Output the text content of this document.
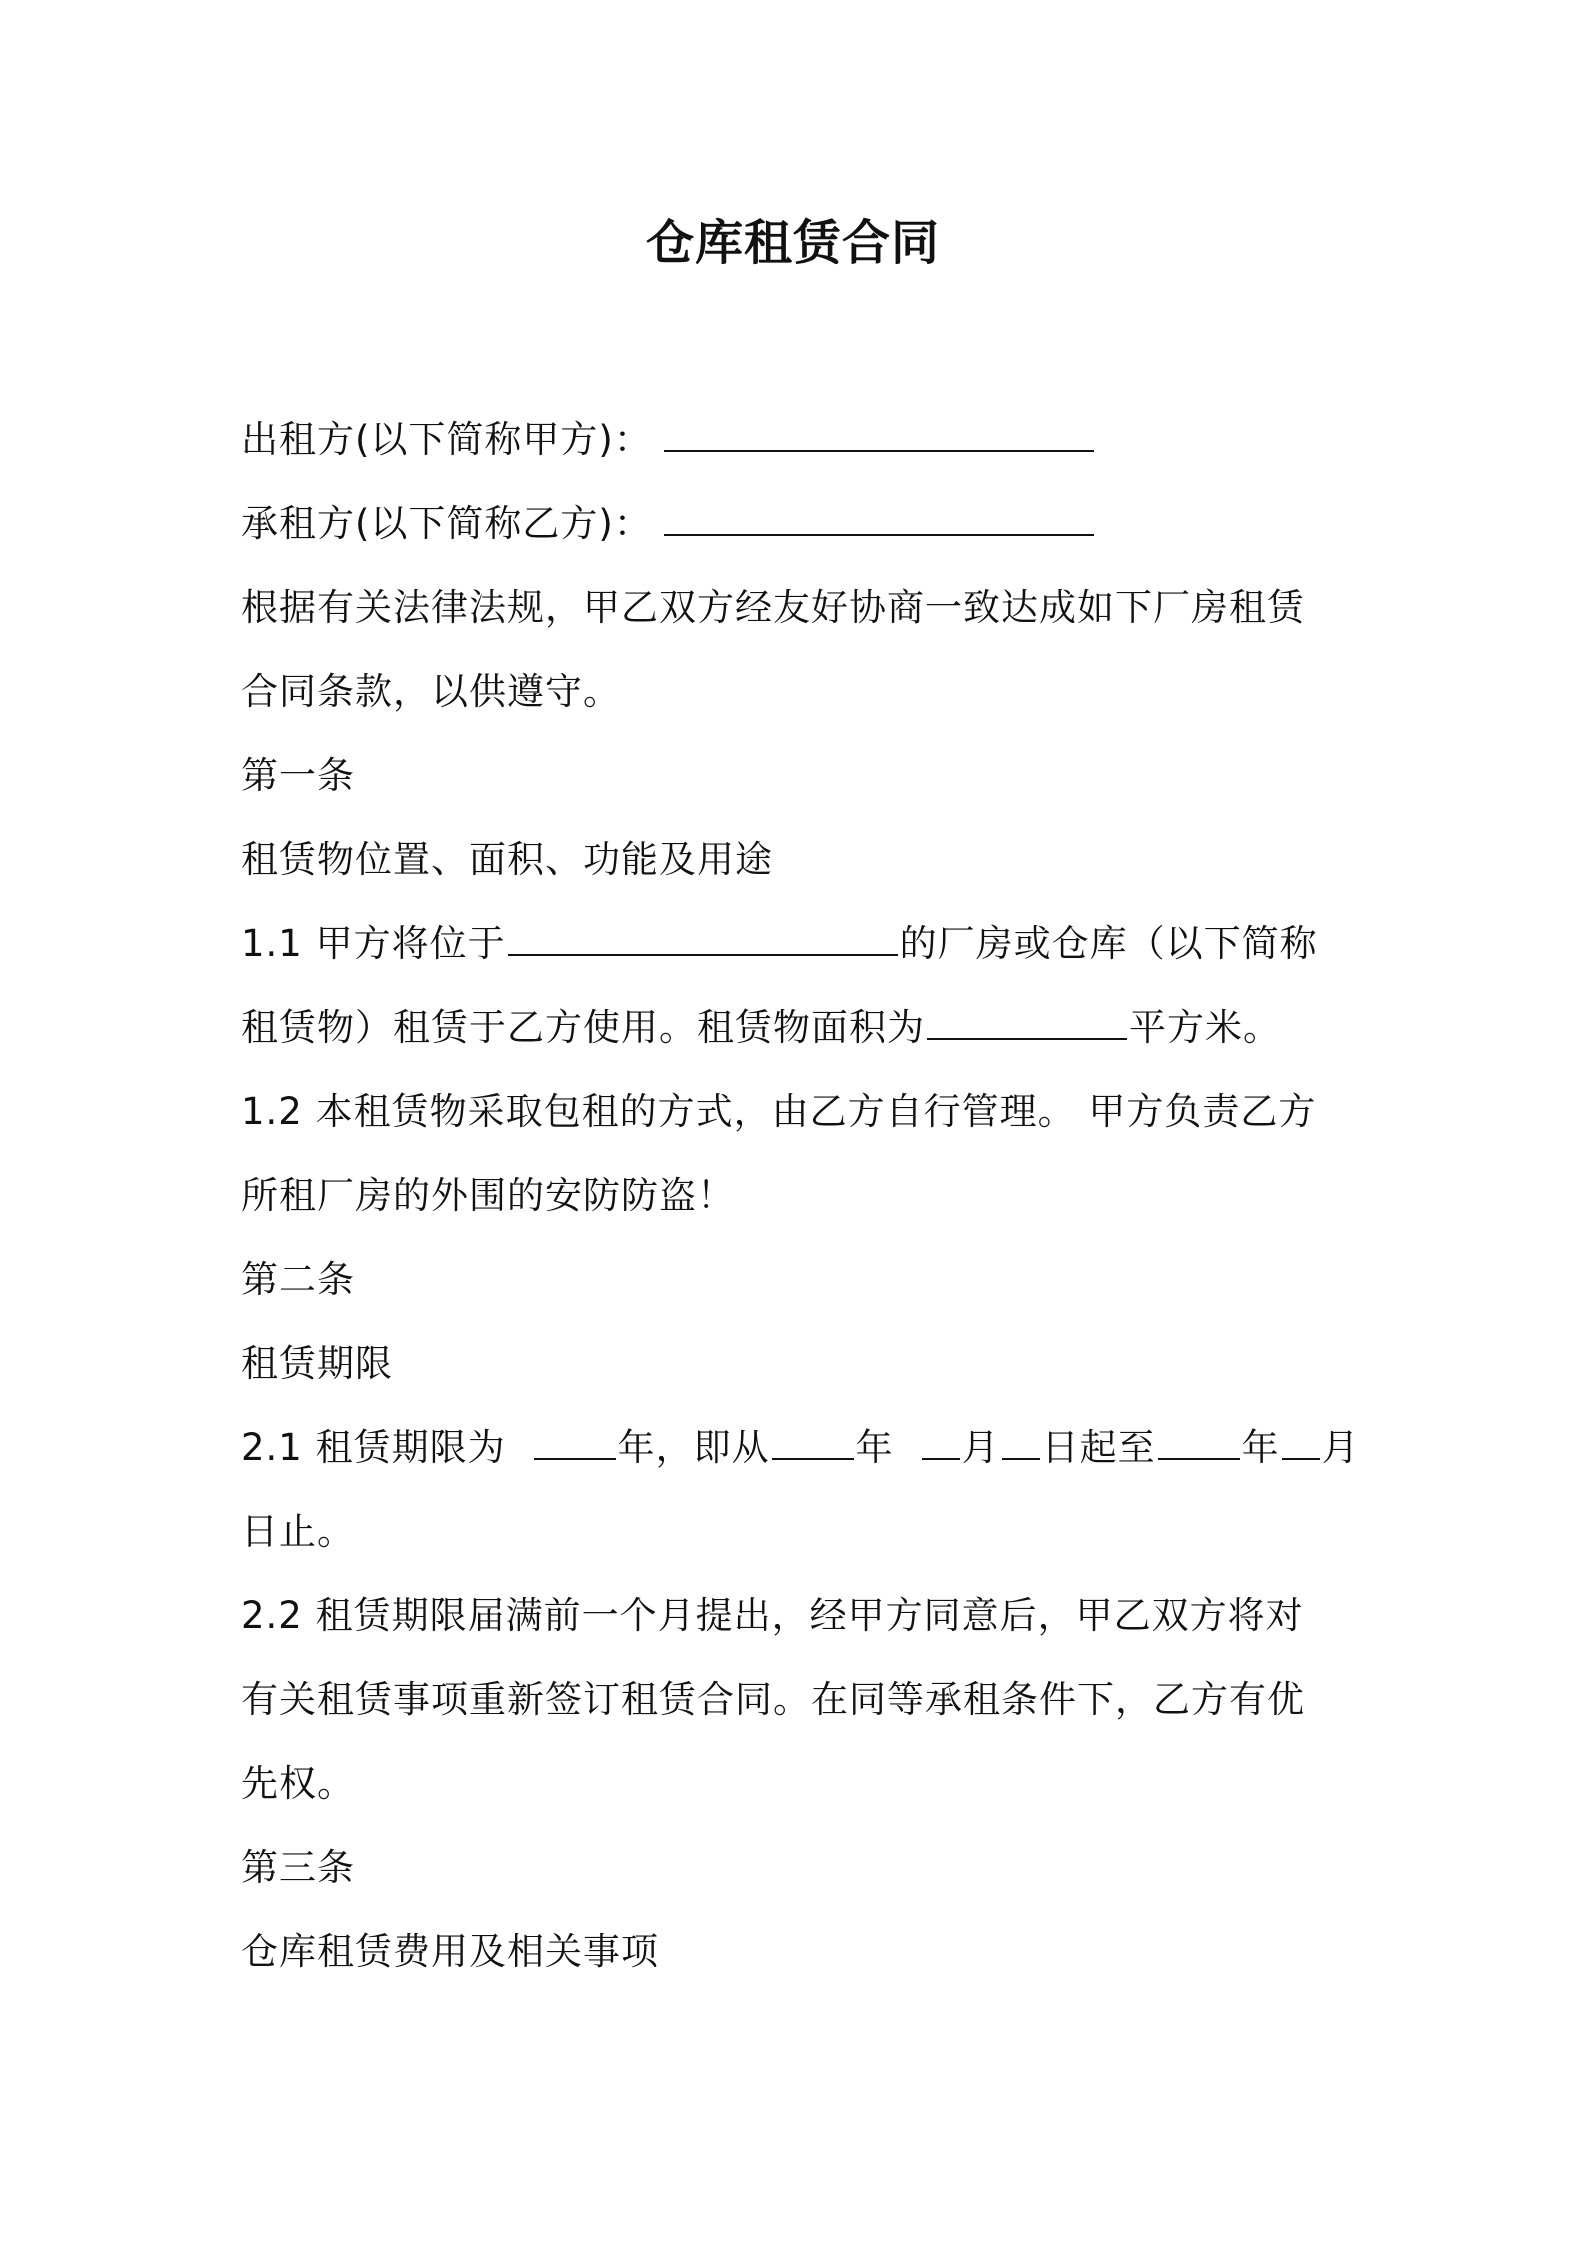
仓库租赁合同
出租方(以下简称甲方)：
承租方(以下简称乙方)：
根据有关法律法规，甲乙双方经友好协商一致达成如下厂房租赁
合同条款，以供遵守。
第一条
租赁物位置、面积、功能及用途
1.1 甲方将位于	的厂房或仓库（以下简称
租赁物）租赁于乙方使用。租赁物面积为	平方米。
1.2 本租赁物采取包租的方式，由乙方自行管理。 甲方负责乙方
所租厂房的外围的安防防盗！
第二条
租赁期限
2.1 租赁期限为	年，即从 年 月 日起至 年 月
日止。
2.2 租赁期限届满前一个月提出，经甲方同意后，甲乙双方将对
有关租赁事项重新签订租赁合同。在同等承租条件下，乙方有优
先权。
第三条
仓库租赁费用及相关事项
